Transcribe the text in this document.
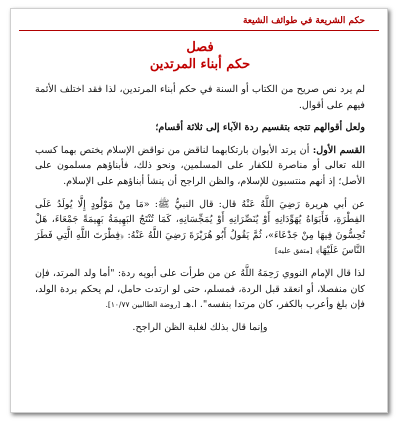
حكم الشريعة في طوائف الشيعة
فصل
حكم أبناء المرتدين

لم يرد نص صريح من الكتاب أو السنة في حكم أبناء المرتدين، لذا فقد اختلف الأئمة فيهم على أقوال.

ولعل أقوالهم تتجه بتقسيم ردة الآباء إلى ثلاثة أقسام؛

القسم الأول: أن يرتد الأبوان بارتكابهما لناقض من نواقض الإسلام يختص بهما كسب الله تعالى أو مناصرة للكفار على المسلمين، ونحو ذلك، فأبناؤهم مسلمون على الأصل؛ إذ أنهم منتسبون للإسلام، والظن الراجح أن ينشأ أبناؤهم على الإسلام.

عن أبي هريرة رَضِيَ اللَّهُ عَنْهُ قال: قال النبيُّ ﷺ: «مَا مِنْ مَوْلُودٍ إِلَّا يُولَدُ عَلَى الفِطْرَةِ، فَأَبَوَاهُ يُهَوِّدَانِهِ أَوْ يُنَصِّرَانِهِ أَوْ يُمَجِّسَانِهِ، كَمَا تُنْتَجُ البَهِيمَةُ بَهِيمَةً جَمْعَاءَ، هَلْ تُحِسُّونَ فِيهَا مِنْ جَدْعَاءَ»، ثُمَّ يَقُولُ أَبُو هُرَيْرَةَ رَضِيَ اللَّهُ عَنْهُ: ﴿فِطْرَتَ اللَّهِ الَّتِي فَطَرَ النَّاسَ عَلَيْهَا﴾ [متفق عليه]

لذا قال الإمام النووي رَحِمَهُ اللَّهُ عن من طرأت على أبويه ردة: "أما ولد المرتد، فإن كان منفصلا، أو انعقد قبل الردة، فمسلم، حتى لو ارتدت حامل، لم يحكم بردة الولد، فإن بلغ وأعرب بالكفر، كان مرتدا بنفسه". ا.هـ [روضة الطالبين ١٠/٧٧].

وإنما قال بذلك لغلبة الظن الراجح.
